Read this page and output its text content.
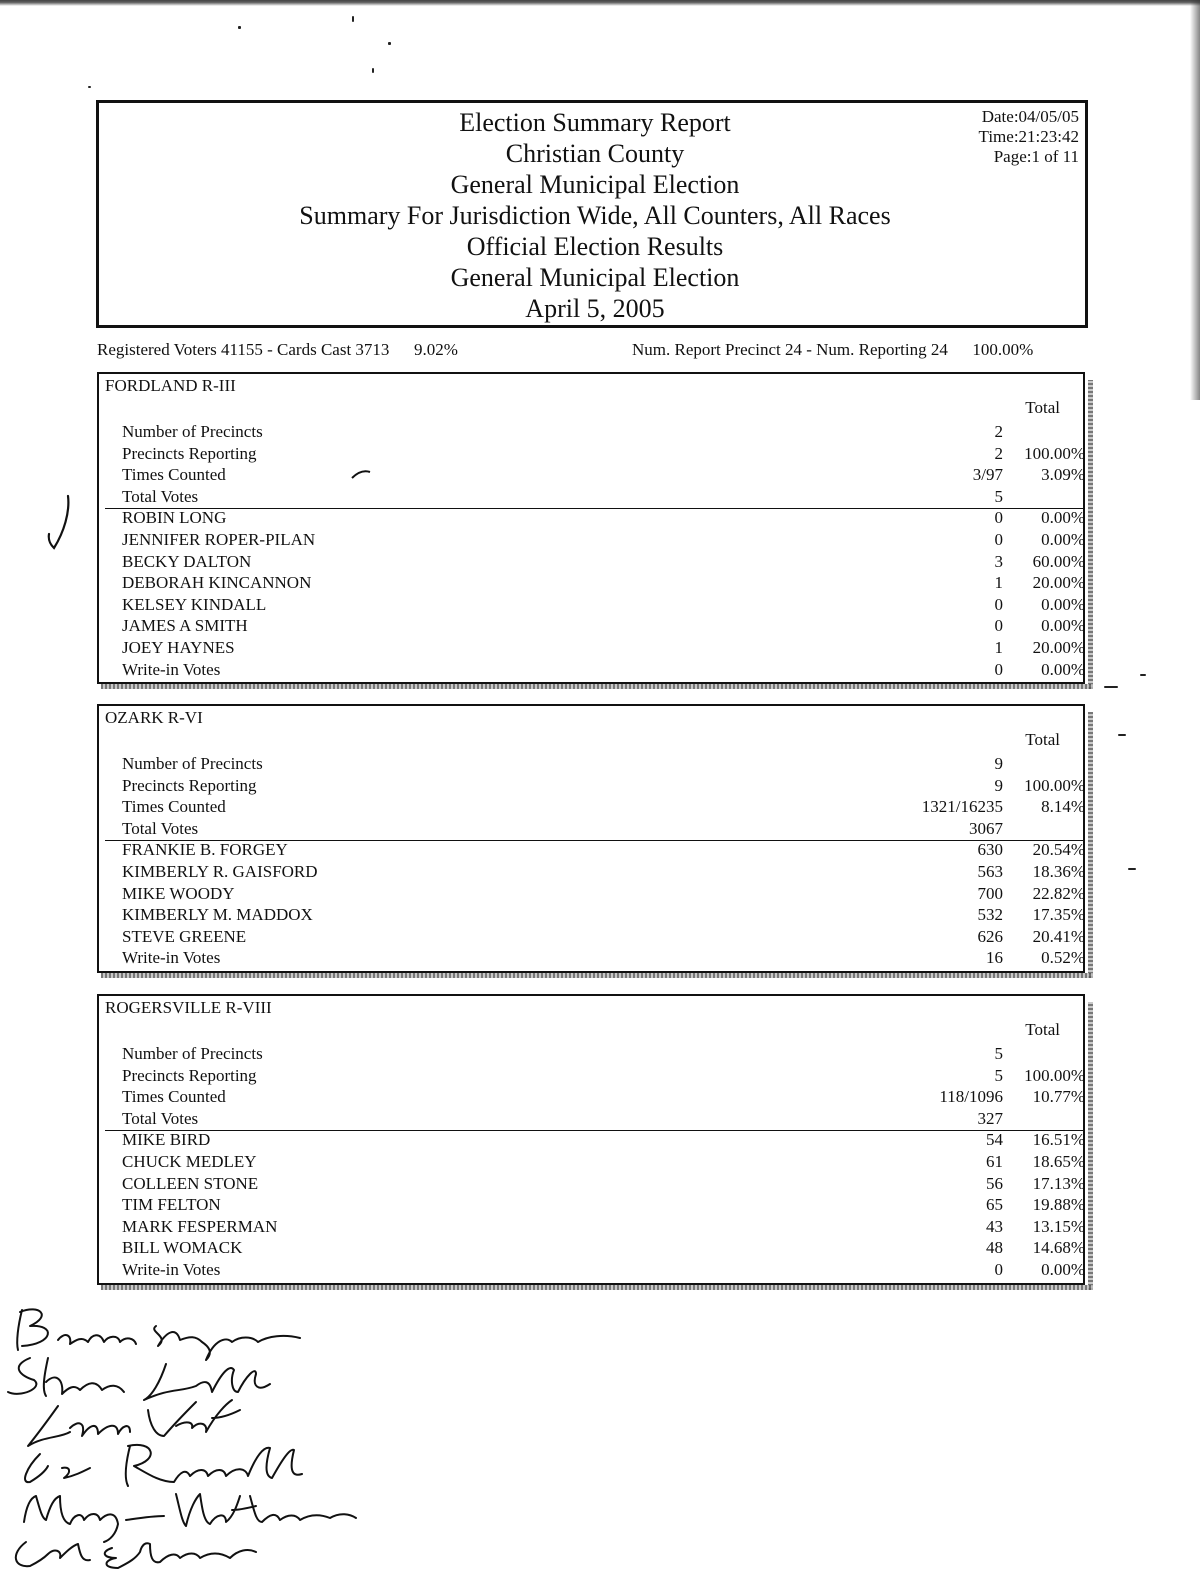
Election Summary Report
Christian County
General Municipal Election
Summary For Jurisdiction Wide, All Counters, All Races
Official Election Results
General Municipal Election
April 5, 2005
Date:04/05/05
Time:21:23:42
Page:1 of 11
Registered Voters 41155 - Cards Cast 3713 9.02%	Num. Report Precinct 24 - Num. Reporting 24 100.00%
FORDLAND R-III
Total
Number of Precincts	2
Precincts Reporting	2 100.00%
Times Counted	3/97 3.09%
Total Votes	5
ROBIN LONG	0 0.00%
JENNIFER ROPER-PILAN	0 0.00%
BECKY DALTON	3 60.00%
DEBORAH KINCANNON	1 20.00%
KELSEY KINDALL	0 0.00%
JAMES A SMITH	0 0.00%
JOEY HAYNES	1 20.00%
Write-in Votes	0 0.00%
OZARK R-VI
Total
Number of Precincts	9
Precincts Reporting	9 100.00%
Times Counted	1321/16235 8.14%
Total Votes	3067
FRANKIE B. FORGEY	630 20.54%
KIMBERLY R. GAISFORD	563 18.36%
MIKE WOODY	700 22.82%
KIMBERLY M. MADDOX	532 17.35%
STEVE GREENE	626 20.41%
Write-in Votes	16 0.52%
ROGERSVILLE R-VIII
Total
Number of Precincts	5
Precincts Reporting	5 100.00%
Times Counted	118/1096 10.77%
Total Votes	327
MIKE BIRD	54 16.51%
CHUCK MEDLEY	61 18.65%
COLLEEN STONE	56 17.13%
TIM FELTON	65 19.88%
MARK FESPERMAN	43 13.15%
BILL WOMACK	48 14.68%
Write-in Votes	0 0.00%
